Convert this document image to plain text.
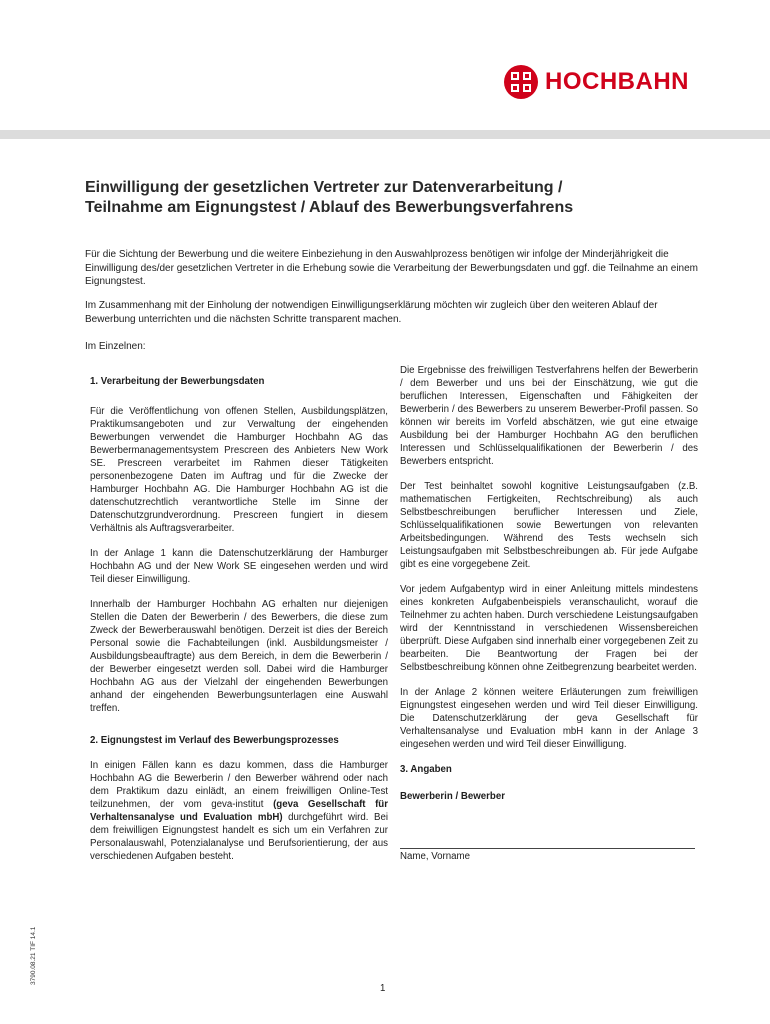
HOCHBAHN
Einwilligung der gesetzlichen Vertreter zur Datenverarbeitung /
Teilnahme am Eignungstest / Ablauf des Bewerbungsverfahrens

Für die Sichtung der Bewerbung und die weitere Einbeziehung in den Auswahlprozess benötigen wir infolge der Minderjährigkeit die Einwilligung des/der gesetzlichen Vertreter in die Erhebung sowie die Verarbeitung der Bewerbungsdaten und ggf. die Teilnahme an einem Eignungstest.

Im Zusammenhang mit der Einholung der notwendigen Einwilligungserklärung möchten wir zugleich über den weiteren Ablauf der Bewerbung unterrichten und die nächsten Schritte transparent machen.

Im Einzelnen:

1. Verarbeitung der Bewerbungsdaten

Für die Veröffentlichung von offenen Stellen, Ausbildungsplätzen, Praktikumsangeboten und zur Verwaltung der eingehenden Bewerbungen verwendet die Hamburger Hochbahn AG das Bewerbermanagementsystem Prescreen des Anbieters New Work SE. Prescreen verarbeitet im Rahmen dieser Tätigkeiten personenbezogene Daten im Auftrag und für die Zwecke der Hamburger Hochbahn AG. Die Hamburger Hochbahn AG ist die datenschutzrechtlich verantwortliche Stelle im Sinne der Datenschutzgrundverordnung. Prescreen fungiert in diesem Verhältnis als Auftragsverarbeiter.

In der Anlage 1 kann die Datenschutzerklärung der Hamburger Hochbahn AG und der New Work SE eingesehen werden und wird Teil dieser Einwilligung.

Innerhalb der Hamburger Hochbahn AG erhalten nur diejenigen Stellen die Daten der Bewerberin / des Bewerbers, die diese zum Zweck der Bewerberauswahl benötigen. Derzeit ist dies der Bereich Personal sowie die Fachabteilungen (inkl. Ausbildungsmeister / Ausbildungsbeauftragte) aus dem Bereich, in dem die Bewerberin / der Bewerber eingesetzt werden soll. Dabei wird die Hamburger Hochbahn AG aus der Vielzahl der eingehenden Bewerbungen anhand der eingehenden Bewerbungsunterlagen eine Auswahl treffen.

2. Eignungstest im Verlauf des Bewerbungsprozesses

In einigen Fällen kann es dazu kommen, dass die Hamburger Hochbahn AG die Bewerberin / den Bewerber während oder nach dem Praktikum dazu einlädt, an einem freiwilligen Online-Test teilzunehmen, der vom geva-institut (geva Gesellschaft für Verhaltensanalyse und Evaluation mbH) durchgeführt wird. Bei dem freiwilligen Eignungstest handelt es sich um ein Verfahren zur Personalauswahl, Potenzialanalyse und Berufsorientierung, der aus verschiedenen Aufgaben besteht.

Die Ergebnisse des freiwilligen Testverfahrens helfen der Bewerberin / dem Bewerber und uns bei der Einschätzung, wie gut die beruflichen Interessen, Eigenschaften und Fähigkeiten der Bewerberin / des Bewerbers zu unserem Bewerber-Profil passen. So können wir bereits im Vorfeld abschätzen, wie gut eine etwaige Ausbildung bei der Hamburger Hochbahn AG den beruflichen Interessen und Schlüsselqualifikationen der Bewerberin / des Bewerbers entspricht.

Der Test beinhaltet sowohl kognitive Leistungsaufgaben (z.B. mathematischen Fertigkeiten, Rechtschreibung) als auch Selbstbeschreibungen beruflicher Interessen und Ziele, Schlüsselqualifikationen sowie Bewertungen von relevanten Arbeitsbedingungen. Während des Tests wechseln sich Leistungsaufgaben mit Selbstbeschreibungen ab. Für jede Aufgabe gibt es eine vorgegebene Zeit.

Vor jedem Aufgabentyp wird in einer Anleitung mittels mindestens eines konkreten Aufgabenbeispiels veranschaulicht, worauf die Teilnehmer zu achten haben. Durch verschiedene Leistungsaufgaben wird der Kenntnisstand in verschiedenen Wissensbereichen überprüft. Diese Aufgaben sind innerhalb einer vorgegebenen Zeit zu bearbeiten. Die Beantwortung der Fragen bei der Selbstbeschreibung können ohne Zeitbegrenzung bearbeitet werden.

In der Anlage 2 können weitere Erläuterungen zum freiwilligen Eignungstest eingesehen werden und wird Teil dieser Einwilligung. Die Datenschutzerklärung der geva Gesellschaft für Verhaltensanalyse und Evaluation mbH kann in der Anlage 3 eingesehen werden und wird Teil dieser Einwilligung.

3. Angaben

Bewerberin / Bewerber

Name, Vorname
3790.08.21 TIF 14.1
1
